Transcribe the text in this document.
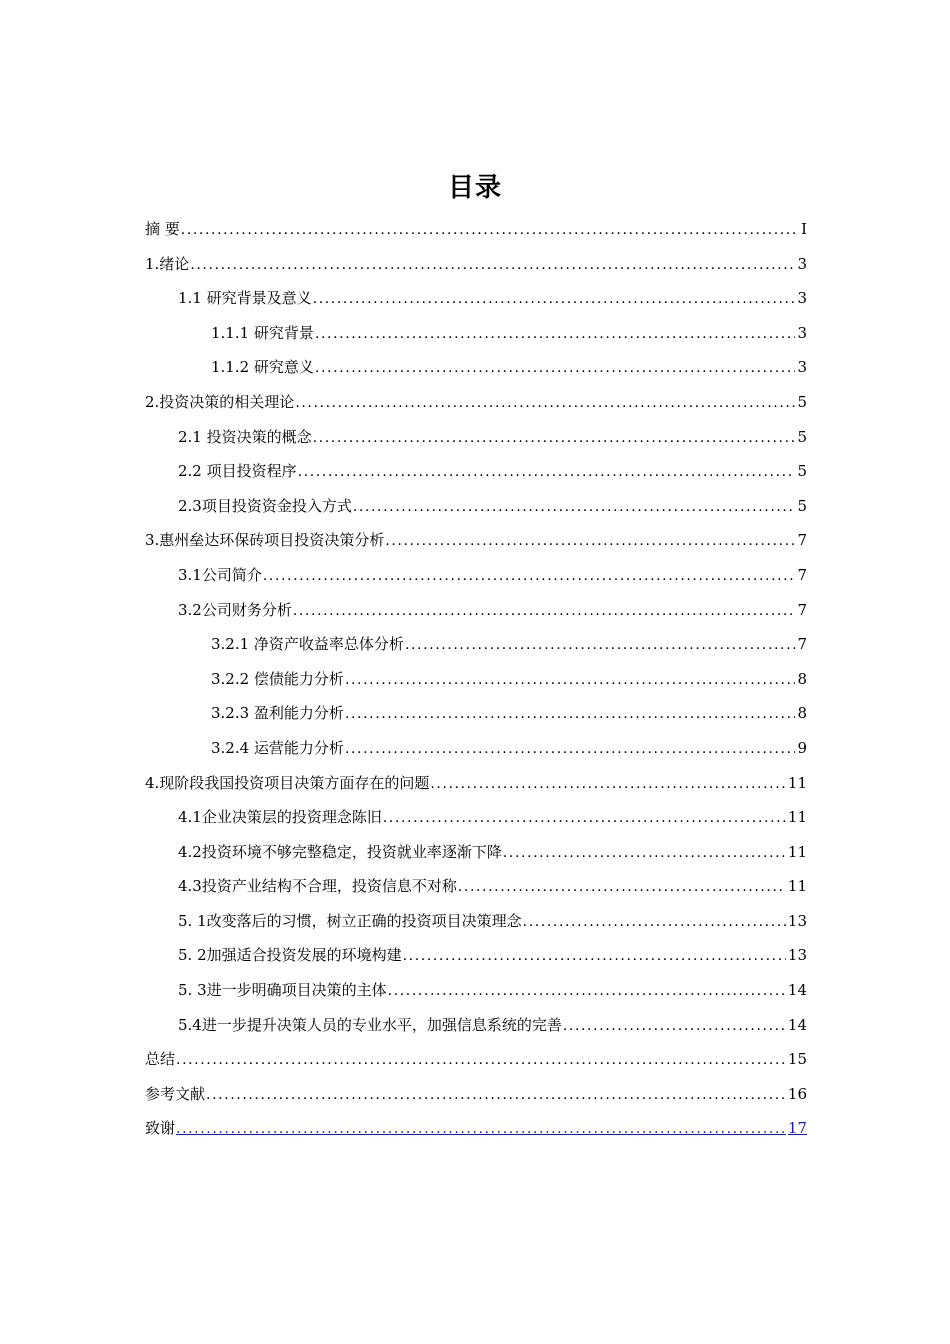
目录
摘 要 .....	I
1.绪论 .....	3
1.1 研究背景及意义 .....	3
1.1.1 研究背景 .....	3
1.1.2 研究意义 .....	3
2.投资决策的相关理论 .....	5
2.1 投资决策的概念 .....	5
2.2 项目投资程序 .....	5
2.3项目投资资金投入方式 .....	5
3.惠州垒达环保砖项目投资决策分析 .....	7
3.1公司简介 .....	7
3.2公司财务分析 .....	7
3.2.1 净资产收益率总体分析 .....	7
3.2.2 偿债能力分析 .....	8
3.2.3 盈利能力分析 .....	8
3.2.4 运营能力分析 .....	9
4.现阶段我国投资项目决策方面存在的问题 .....	11
4.1企业决策层的投资理念陈旧 .....	11
4.2投资环境不够完整稳定，投资就业率逐渐下降 .....	11
4.3投资产业结构不合理，投资信息不对称 .....	11
5. 1改变落后的习惯，树立正确的投资项目决策理念 .....	13
5. 2加强适合投资发展的环境构建 .....	13
5. 3进一步明确项目决策的主体 .....	14
5.4进一步提升决策人员的专业水平，加强信息系统的完善 .....	14
总结 .....	15
参考文献 .....	16
致谢 .....	17
